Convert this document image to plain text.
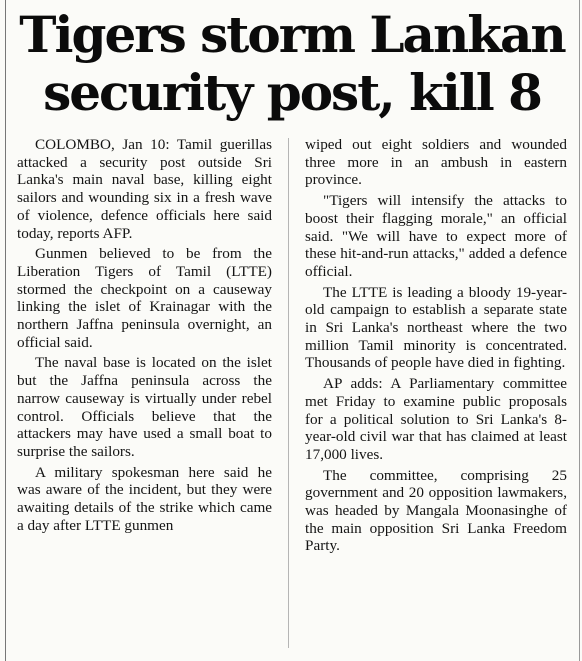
Tigers storm Lankan security post, kill 8

COLOMBO, Jan 10: Tamil guerillas attacked a security post outside Sri Lanka's main naval base, killing eight sailors and wounding six in a fresh wave of violence, defence officials here said today, reports AFP.

Gunmen believed to be from the Liberation Tigers of Tamil (LTTE) stormed the checkpoint on a causeway linking the islet of Krainagar with the northern Jaffna peninsula overnight, an official said.

The naval base is located on the islet but the Jaffna peninsula across the narrow causeway is virtually under rebel control. Officials believe that the attackers may have used a small boat to surprise the sailors.

A military spokesman here said he was aware of the incident, but they were awaiting details of the strike which came a day after LTTE gunmen

wiped out eight soldiers and wounded three more in an ambush in eastern province.

"Tigers will intensify the attacks to boost their flagging morale," an official said. "We will have to expect more of these hit-and-run attacks," added a defence official.

The LTTE is leading a bloody 19-year-old campaign to establish a separate state in Sri Lanka's northeast where the two million Tamil minority is concentrated. Thousands of people have died in fighting.

AP adds: A Parliamentary committee met Friday to examine public proposals for a political solution to Sri Lanka's 8-year-old civil war that has claimed at least 17,000 lives.

The committee, comprising 25 government and 20 opposition lawmakers, was headed by Mangala Moonasinghe of the main opposition Sri Lanka Freedom Party.
